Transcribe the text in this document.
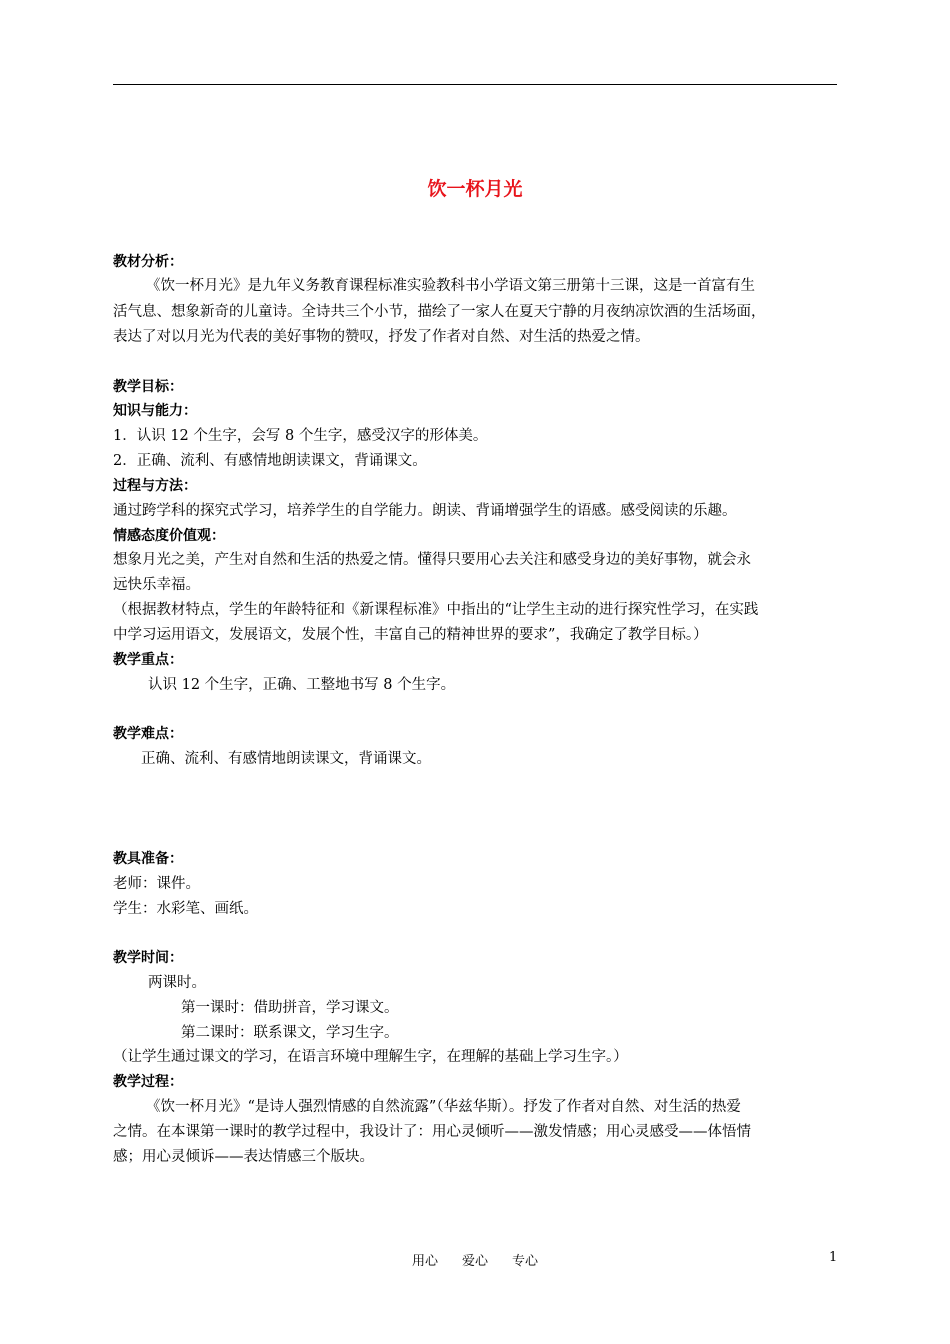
饮一杯月光
教材分析：
《饮一杯月光》是九年义务教育课程标准实验教科书小学语文第三册第十三课，这是一首富有生
活气息、想象新奇的儿童诗。全诗共三个小节，描绘了一家人在夏天宁静的月夜纳凉饮酒的生活场面，
表达了对以月光为代表的美好事物的赞叹，抒发了作者对自然、对生活的热爱之情。
教学目标：
知识与能力：
1．认识 12 个生字，会写 8 个生字，感受汉字的形体美。
2．正确、流利、有感情地朗读课文，背诵课文。
过程与方法：
通过跨学科的探究式学习，培养学生的自学能力。朗读、背诵增强学生的语感。感受阅读的乐趣。
情感态度价值观：
想象月光之美，产生对自然和生活的热爱之情。懂得只要用心去关注和感受身边的美好事物，就会永
远快乐幸福。
（根据教材特点，学生的年龄特征和《新课程标准》中指出的“让学生主动的进行探究性学习，在实践
中学习运用语文，发展语文，发展个性，丰富自己的精神世界的要求”，我确定了教学目标。）
教学重点：
认识 12 个生字，正确、工整地书写 8 个生字。
教学难点：
正确、流利、有感情地朗读课文，背诵课文。
教具准备：
老师：课件。
学生：水彩笔、画纸。
教学时间：
两课时。
第一课时：借助拼音，学习课文。
第二课时：联系课文，学习生字。
（让学生通过课文的学习，在语言环境中理解生字，在理解的基础上学习生字。）
教学过程：
《饮一杯月光》“是诗人强烈情感的自然流露”（华兹华斯）。抒发了作者对自然、对生活的热爱
之情。在本课第一课时的教学过程中，我设计了：用心灵倾听——激发情感；用心灵感受——体悟情
感；用心灵倾诉——表达情感三个版块。
用心 爱心 专心	1
